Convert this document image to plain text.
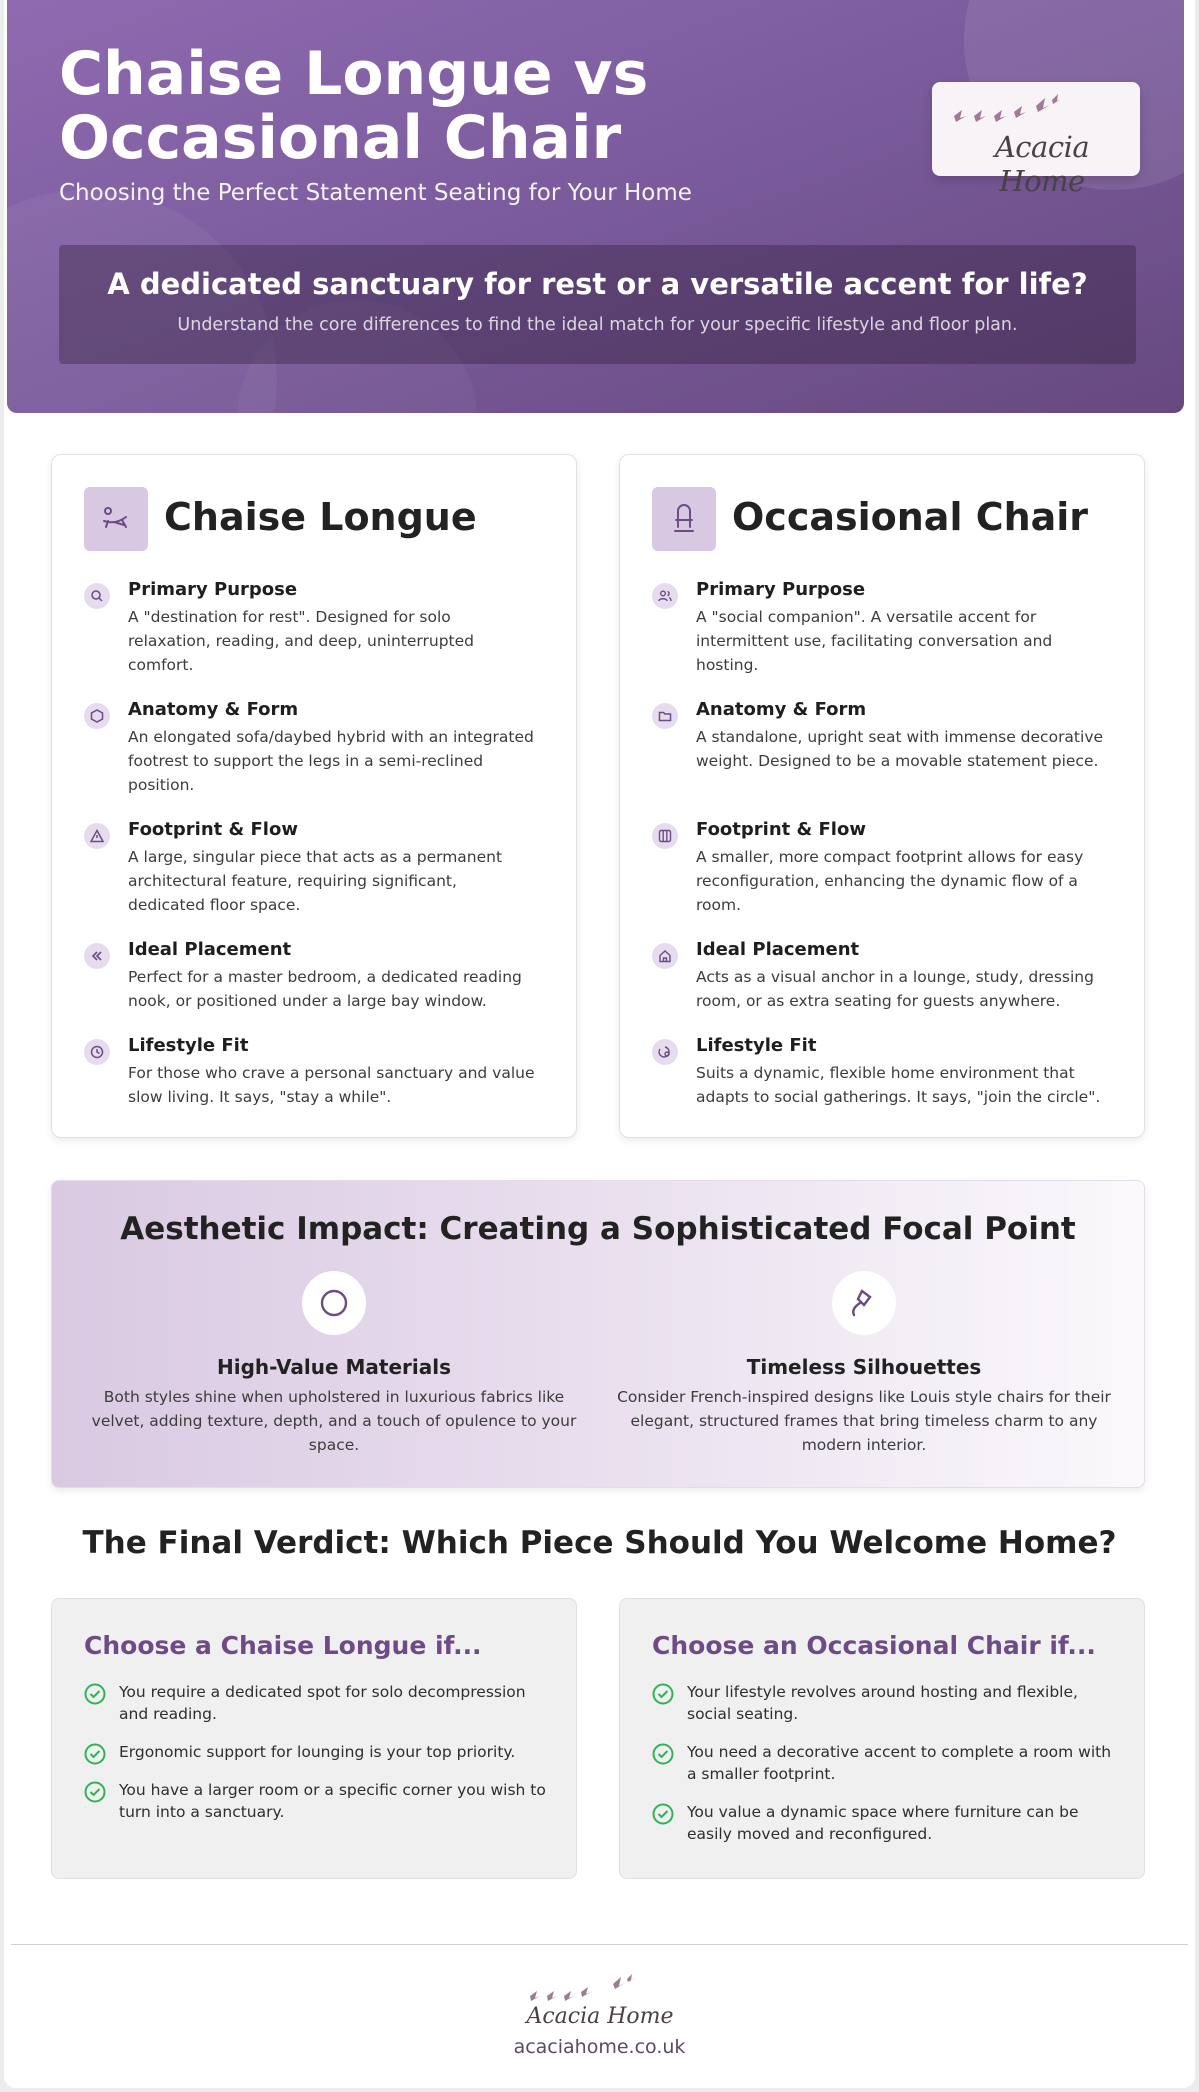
Chaise Longue vs Occasional Chair
Choosing the Perfect Statement Seating for Your Home
Acacia Home
A dedicated sanctuary for rest or a versatile accent for life?
Understand the core differences to find the ideal match for your specific lifestyle and floor plan.
Chaise Longue
Primary Purpose
A "destination for rest". Designed for solo relaxation, reading, and deep, uninterrupted comfort.
Anatomy & Form
An elongated sofa/daybed hybrid with an integrated footrest to support the legs in a semi-reclined position.
Footprint & Flow
A large, singular piece that acts as a permanent architectural feature, requiring significant, dedicated floor space.
Ideal Placement
Perfect for a master bedroom, a dedicated reading nook, or positioned under a large bay window.
Lifestyle Fit
For those who crave a personal sanctuary and value slow living. It says, "stay a while".
Occasional Chair
Primary Purpose
A "social companion". A versatile accent for intermittent use, facilitating conversation and hosting.
Anatomy & Form
A standalone, upright seat with immense decorative weight. Designed to be a movable statement piece.
Footprint & Flow
A smaller, more compact footprint allows for easy reconfiguration, enhancing the dynamic flow of a room.
Ideal Placement
Acts as a visual anchor in a lounge, study, dressing room, or as extra seating for guests anywhere.
Lifestyle Fit
Suits a dynamic, flexible home environment that adapts to social gatherings. It says, "join the circle".
Aesthetic Impact: Creating a Sophisticated Focal Point
High-Value Materials
Both styles shine when upholstered in luxurious fabrics like velvet, adding texture, depth, and a touch of opulence to your space.
Timeless Silhouettes
Consider French-inspired designs like Louis style chairs for their elegant, structured frames that bring timeless charm to any modern interior.
The Final Verdict: Which Piece Should You Welcome Home?
Choose a Chaise Longue if...
You require a dedicated spot for solo decompression and reading.
Ergonomic support for lounging is your top priority.
You have a larger room or a specific corner you wish to turn into a sanctuary.
Choose an Occasional Chair if...
Your lifestyle revolves around hosting and flexible, social seating.
You need a decorative accent to complete a room with a smaller footprint.
You value a dynamic space where furniture can be easily moved and reconfigured.
Acacia Home
acaciahome.co.uk
